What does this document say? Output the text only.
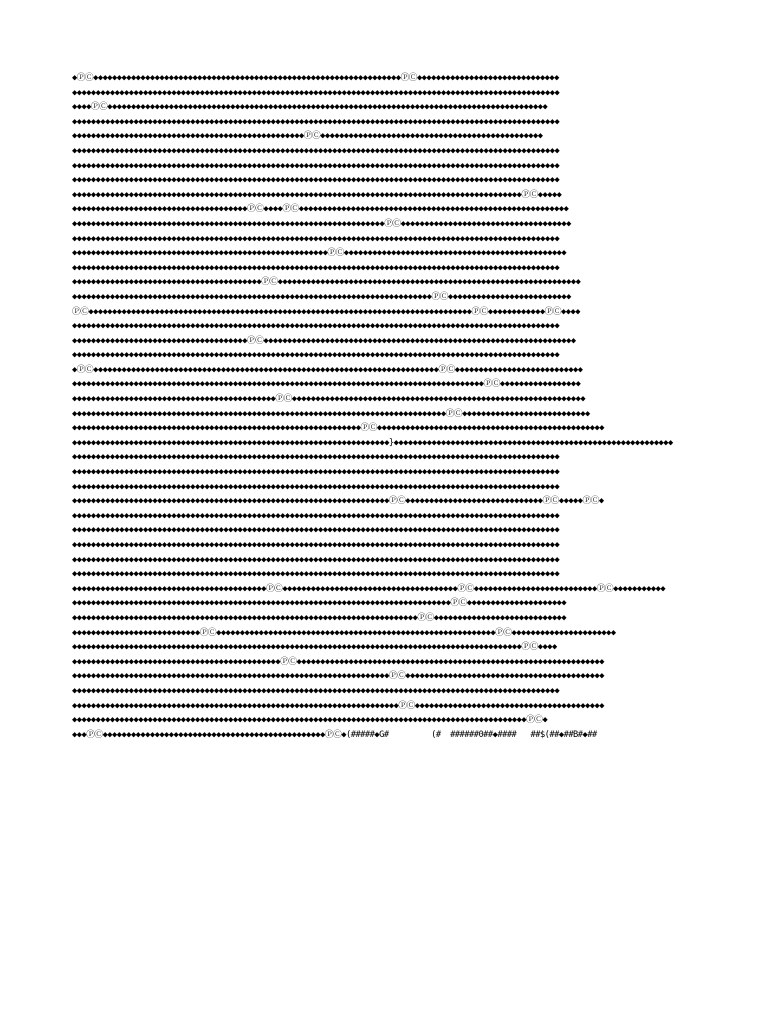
◆ⓅⒸ◆◆◆◆◆◆◆◆◆◆◆◆◆◆◆◆◆◆◆◆◆◆◆◆◆◆◆◆◆◆◆◆◆◆◆◆◆◆◆◆◆◆◆◆◆◆◆◆◆◆◆◆◆◆◆◆◆◆◆◆◆◆◆◆◆ⓅⒸ◆◆◆◆◆◆◆◆◆◆◆◆◆◆◆◆◆◆◆◆◆◆◆◆◆◆◆◆◆◆
◆◆◆◆◆◆◆◆◆◆◆◆◆◆◆◆◆◆◆◆◆◆◆◆◆◆◆◆◆◆◆◆◆◆◆◆◆◆◆◆◆◆◆◆◆◆◆◆◆◆◆◆◆◆◆◆◆◆◆◆◆◆◆◆◆◆◆◆◆◆◆◆◆◆◆◆◆◆◆◆◆◆◆◆◆◆◆◆◆◆◆◆◆◆◆◆◆◆◆◆◆◆◆
◆◆◆◆ⓅⒸ◆◆◆◆◆◆◆◆◆◆◆◆◆◆◆◆◆◆◆◆◆◆◆◆◆◆◆◆◆◆◆◆◆◆◆◆◆◆◆◆◆◆◆◆◆◆◆◆◆◆◆◆◆◆◆◆◆◆◆◆◆◆◆◆◆◆◆◆◆◆◆◆◆◆◆◆◆◆◆◆◆◆◆◆◆◆◆◆◆◆◆◆◆
◆◆◆◆◆◆◆◆◆◆◆◆◆◆◆◆◆◆◆◆◆◆◆◆◆◆◆◆◆◆◆◆◆◆◆◆◆◆◆◆◆◆◆◆◆◆◆◆◆◆◆◆◆◆◆◆◆◆◆◆◆◆◆◆◆◆◆◆◆◆◆◆◆◆◆◆◆◆◆◆◆◆◆◆◆◆◆◆◆◆◆◆◆◆◆◆◆◆◆◆◆◆◆
◆◆◆◆◆◆◆◆◆◆◆◆◆◆◆◆◆◆◆◆◆◆◆◆◆◆◆◆◆◆◆◆◆◆◆◆◆◆◆◆◆◆◆◆◆◆◆◆◆ⓅⒸ◆◆◆◆◆◆◆◆◆◆◆◆◆◆◆◆◆◆◆◆◆◆◆◆◆◆◆◆◆◆◆◆◆◆◆◆◆◆◆◆◆◆◆◆◆◆◆
◆◆◆◆◆◆◆◆◆◆◆◆◆◆◆◆◆◆◆◆◆◆◆◆◆◆◆◆◆◆◆◆◆◆◆◆◆◆◆◆◆◆◆◆◆◆◆◆◆◆◆◆◆◆◆◆◆◆◆◆◆◆◆◆◆◆◆◆◆◆◆◆◆◆◆◆◆◆◆◆◆◆◆◆◆◆◆◆◆◆◆◆◆◆◆◆◆◆◆◆◆◆◆
◆◆◆◆◆◆◆◆◆◆◆◆◆◆◆◆◆◆◆◆◆◆◆◆◆◆◆◆◆◆◆◆◆◆◆◆◆◆◆◆◆◆◆◆◆◆◆◆◆◆◆◆◆◆◆◆◆◆◆◆◆◆◆◆◆◆◆◆◆◆◆◆◆◆◆◆◆◆◆◆◆◆◆◆◆◆◆◆◆◆◆◆◆◆◆◆◆◆◆◆◆◆◆
◆◆◆◆◆◆◆◆◆◆◆◆◆◆◆◆◆◆◆◆◆◆◆◆◆◆◆◆◆◆◆◆◆◆◆◆◆◆◆◆◆◆◆◆◆◆◆◆◆◆◆◆◆◆◆◆◆◆◆◆◆◆◆◆◆◆◆◆◆◆◆◆◆◆◆◆◆◆◆◆◆◆◆◆◆◆◆◆◆◆◆◆◆◆◆◆◆◆◆◆◆◆◆
◆◆◆◆◆◆◆◆◆◆◆◆◆◆◆◆◆◆◆◆◆◆◆◆◆◆◆◆◆◆◆◆◆◆◆◆◆◆◆◆◆◆◆◆◆◆◆◆◆◆◆◆◆◆◆◆◆◆◆◆◆◆◆◆◆◆◆◆◆◆◆◆◆◆◆◆◆◆◆◆◆◆◆◆◆◆◆◆◆◆◆◆◆◆◆ⓅⒸ◆◆◆◆◆
◆◆◆◆◆◆◆◆◆◆◆◆◆◆◆◆◆◆◆◆◆◆◆◆◆◆◆◆◆◆◆◆◆◆◆◆◆ⓅⒸ◆◆◆◆ⓅⒸ◆◆◆◆◆◆◆◆◆◆◆◆◆◆◆◆◆◆◆◆◆◆◆◆◆◆◆◆◆◆◆◆◆◆◆◆◆◆◆◆◆◆◆◆◆◆◆◆◆◆◆◆◆◆◆◆◆
◆◆◆◆◆◆◆◆◆◆◆◆◆◆◆◆◆◆◆◆◆◆◆◆◆◆◆◆◆◆◆◆◆◆◆◆◆◆◆◆◆◆◆◆◆◆◆◆◆◆◆◆◆◆◆◆◆◆◆◆◆◆◆◆◆◆ⓅⒸ◆◆◆◆◆◆◆◆◆◆◆◆◆◆◆◆◆◆◆◆◆◆◆◆◆◆◆◆◆◆◆◆◆◆◆◆
◆◆◆◆◆◆◆◆◆◆◆◆◆◆◆◆◆◆◆◆◆◆◆◆◆◆◆◆◆◆◆◆◆◆◆◆◆◆◆◆◆◆◆◆◆◆◆◆◆◆◆◆◆◆◆◆◆◆◆◆◆◆◆◆◆◆◆◆◆◆◆◆◆◆◆◆◆◆◆◆◆◆◆◆◆◆◆◆◆◆◆◆◆◆◆◆◆◆◆◆◆◆◆
◆◆◆◆◆◆◆◆◆◆◆◆◆◆◆◆◆◆◆◆◆◆◆◆◆◆◆◆◆◆◆◆◆◆◆◆◆◆◆◆◆◆◆◆◆◆◆◆◆◆◆◆◆◆ⓅⒸ◆◆◆◆◆◆◆◆◆◆◆◆◆◆◆◆◆◆◆◆◆◆◆◆◆◆◆◆◆◆◆◆◆◆◆◆◆◆◆◆◆◆◆◆◆◆◆
◆◆◆◆◆◆◆◆◆◆◆◆◆◆◆◆◆◆◆◆◆◆◆◆◆◆◆◆◆◆◆◆◆◆◆◆◆◆◆◆◆◆◆◆◆◆◆◆◆◆◆◆◆◆◆◆◆◆◆◆◆◆◆◆◆◆◆◆◆◆◆◆◆◆◆◆◆◆◆◆◆◆◆◆◆◆◆◆◆◆◆◆◆◆◆◆◆◆◆◆◆◆◆
◆◆◆◆◆◆◆◆◆◆◆◆◆◆◆◆◆◆◆◆◆◆◆◆◆◆◆◆◆◆◆◆◆◆◆◆◆◆◆◆ⓅⒸ◆◆◆◆◆◆◆◆◆◆◆◆◆◆◆◆◆◆◆◆◆◆◆◆◆◆◆◆◆◆◆◆◆◆◆◆◆◆◆◆◆◆◆◆◆◆◆◆◆◆◆◆◆◆◆◆◆◆◆◆◆◆◆◆
◆◆◆◆◆◆◆◆◆◆◆◆◆◆◆◆◆◆◆◆◆◆◆◆◆◆◆◆◆◆◆◆◆◆◆◆◆◆◆◆◆◆◆◆◆◆◆◆◆◆◆◆◆◆◆◆◆◆◆◆◆◆◆◆◆◆◆◆◆◆◆◆◆◆◆◆ⓅⒸ◆◆◆◆◆◆◆◆◆◆◆◆◆◆◆◆◆◆◆◆◆◆◆◆◆◆
ⓅⒸ◆◆◆◆◆◆◆◆◆◆◆◆◆◆◆◆◆◆◆◆◆◆◆◆◆◆◆◆◆◆◆◆◆◆◆◆◆◆◆◆◆◆◆◆◆◆◆◆◆◆◆◆◆◆◆◆◆◆◆◆◆◆◆◆◆◆◆◆◆◆◆◆◆◆◆◆◆◆◆◆◆ⓅⒸ◆◆◆◆◆◆◆◆◆◆◆◆ⓅⒸ◆◆◆◆
◆◆◆◆◆◆◆◆◆◆◆◆◆◆◆◆◆◆◆◆◆◆◆◆◆◆◆◆◆◆◆◆◆◆◆◆◆◆◆◆◆◆◆◆◆◆◆◆◆◆◆◆◆◆◆◆◆◆◆◆◆◆◆◆◆◆◆◆◆◆◆◆◆◆◆◆◆◆◆◆◆◆◆◆◆◆◆◆◆◆◆◆◆◆◆◆◆◆◆◆◆◆◆
◆◆◆◆◆◆◆◆◆◆◆◆◆◆◆◆◆◆◆◆◆◆◆◆◆◆◆◆◆◆◆◆◆◆◆◆◆ⓅⒸ◆◆◆◆◆◆◆◆◆◆◆◆◆◆◆◆◆◆◆◆◆◆◆◆◆◆◆◆◆◆◆◆◆◆◆◆◆◆◆◆◆◆◆◆◆◆◆◆◆◆◆◆◆◆◆◆◆◆◆◆◆◆◆◆◆◆
◆◆◆◆◆◆◆◆◆◆◆◆◆◆◆◆◆◆◆◆◆◆◆◆◆◆◆◆◆◆◆◆◆◆◆◆◆◆◆◆◆◆◆◆◆◆◆◆◆◆◆◆◆◆◆◆◆◆◆◆◆◆◆◆◆◆◆◆◆◆◆◆◆◆◆◆◆◆◆◆◆◆◆◆◆◆◆◆◆◆◆◆◆◆◆◆◆◆◆◆◆◆◆
◆ⓅⒸ◆◆◆◆◆◆◆◆◆◆◆◆◆◆◆◆◆◆◆◆◆◆◆◆◆◆◆◆◆◆◆◆◆◆◆◆◆◆◆◆◆◆◆◆◆◆◆◆◆◆◆◆◆◆◆◆◆◆◆◆◆◆◆◆◆◆◆◆◆◆◆◆◆ⓅⒸ◆◆◆◆◆◆◆◆◆◆◆◆◆◆◆◆◆◆◆◆◆◆◆◆◆◆◆
◆◆◆◆◆◆◆◆◆◆◆◆◆◆◆◆◆◆◆◆◆◆◆◆◆◆◆◆◆◆◆◆◆◆◆◆◆◆◆◆◆◆◆◆◆◆◆◆◆◆◆◆◆◆◆◆◆◆◆◆◆◆◆◆◆◆◆◆◆◆◆◆◆◆◆◆◆◆◆◆◆◆◆◆◆◆◆ⓅⒸ◆◆◆◆◆◆◆◆◆◆◆◆◆◆◆◆◆
◆◆◆◆◆◆◆◆◆◆◆◆◆◆◆◆◆◆◆◆◆◆◆◆◆◆◆◆◆◆◆◆◆◆◆◆◆◆◆◆◆◆◆ⓅⒸ◆◆◆◆◆◆◆◆◆◆◆◆◆◆◆◆◆◆◆◆◆◆◆◆◆◆◆◆◆◆◆◆◆◆◆◆◆◆◆◆◆◆◆◆◆◆◆◆◆◆◆◆◆◆◆◆◆◆◆◆◆◆
◆◆◆◆◆◆◆◆◆◆◆◆◆◆◆◆◆◆◆◆◆◆◆◆◆◆◆◆◆◆◆◆◆◆◆◆◆◆◆◆◆◆◆◆◆◆◆◆◆◆◆◆◆◆◆◆◆◆◆◆◆◆◆◆◆◆◆◆◆◆◆◆◆◆◆◆◆◆◆ⓅⒸ◆◆◆◆◆◆◆◆◆◆◆◆◆◆◆◆◆◆◆◆◆◆◆◆◆◆◆
◆◆◆◆◆◆◆◆◆◆◆◆◆◆◆◆◆◆◆◆◆◆◆◆◆◆◆◆◆◆◆◆◆◆◆◆◆◆◆◆◆◆◆◆◆◆◆◆◆◆◆◆◆◆◆◆◆◆◆◆◆ⓅⒸ◆◆◆◆◆◆◆◆◆◆◆◆◆◆◆◆◆◆◆◆◆◆◆◆◆◆◆◆◆◆◆◆◆◆◆◆◆◆◆◆◆◆◆◆◆◆◆◆
◆◆◆◆◆◆◆◆◆◆◆◆◆◆◆◆◆◆◆◆◆◆◆◆◆◆◆◆◆◆◆◆◆◆◆◆◆◆◆◆◆◆◆◆◆◆◆◆◆◆◆◆◆◆◆◆◆◆◆◆◆◆◆◆◆◆◆}◆◆◆◆◆◆◆◆◆◆◆◆◆◆◆◆◆◆◆◆◆◆◆◆◆◆◆◆◆◆◆◆◆◆◆◆◆◆◆◆◆◆◆◆◆◆◆◆◆◆◆◆◆◆◆◆◆◆◆
◆◆◆◆◆◆◆◆◆◆◆◆◆◆◆◆◆◆◆◆◆◆◆◆◆◆◆◆◆◆◆◆◆◆◆◆◆◆◆◆◆◆◆◆◆◆◆◆◆◆◆◆◆◆◆◆◆◆◆◆◆◆◆◆◆◆◆◆◆◆◆◆◆◆◆◆◆◆◆◆◆◆◆◆◆◆◆◆◆◆◆◆◆◆◆◆◆◆◆◆◆◆◆
◆◆◆◆◆◆◆◆◆◆◆◆◆◆◆◆◆◆◆◆◆◆◆◆◆◆◆◆◆◆◆◆◆◆◆◆◆◆◆◆◆◆◆◆◆◆◆◆◆◆◆◆◆◆◆◆◆◆◆◆◆◆◆◆◆◆◆◆◆◆◆◆◆◆◆◆◆◆◆◆◆◆◆◆◆◆◆◆◆◆◆◆◆◆◆◆◆◆◆◆◆◆◆
◆◆◆◆◆◆◆◆◆◆◆◆◆◆◆◆◆◆◆◆◆◆◆◆◆◆◆◆◆◆◆◆◆◆◆◆◆◆◆◆◆◆◆◆◆◆◆◆◆◆◆◆◆◆◆◆◆◆◆◆◆◆◆◆◆◆◆◆◆◆◆◆◆◆◆◆◆◆◆◆◆◆◆◆◆◆◆◆◆◆◆◆◆◆◆◆◆◆◆◆◆◆◆
◆◆◆◆◆◆◆◆◆◆◆◆◆◆◆◆◆◆◆◆◆◆◆◆◆◆◆◆◆◆◆◆◆◆◆◆◆◆◆◆◆◆◆◆◆◆◆◆◆◆◆◆◆◆◆◆◆◆◆◆◆◆◆◆◆◆◆ⓅⒸ◆◆◆◆◆◆◆◆◆◆◆◆◆◆◆◆◆◆◆◆◆◆◆◆◆◆◆◆◆ⓅⒸ◆◆◆◆◆ⓅⒸ◆
◆◆◆◆◆◆◆◆◆◆◆◆◆◆◆◆◆◆◆◆◆◆◆◆◆◆◆◆◆◆◆◆◆◆◆◆◆◆◆◆◆◆◆◆◆◆◆◆◆◆◆◆◆◆◆◆◆◆◆◆◆◆◆◆◆◆◆◆◆◆◆◆◆◆◆◆◆◆◆◆◆◆◆◆◆◆◆◆◆◆◆◆◆◆◆◆◆◆◆◆◆◆◆
◆◆◆◆◆◆◆◆◆◆◆◆◆◆◆◆◆◆◆◆◆◆◆◆◆◆◆◆◆◆◆◆◆◆◆◆◆◆◆◆◆◆◆◆◆◆◆◆◆◆◆◆◆◆◆◆◆◆◆◆◆◆◆◆◆◆◆◆◆◆◆◆◆◆◆◆◆◆◆◆◆◆◆◆◆◆◆◆◆◆◆◆◆◆◆◆◆◆◆◆◆◆◆
◆◆◆◆◆◆◆◆◆◆◆◆◆◆◆◆◆◆◆◆◆◆◆◆◆◆◆◆◆◆◆◆◆◆◆◆◆◆◆◆◆◆◆◆◆◆◆◆◆◆◆◆◆◆◆◆◆◆◆◆◆◆◆◆◆◆◆◆◆◆◆◆◆◆◆◆◆◆◆◆◆◆◆◆◆◆◆◆◆◆◆◆◆◆◆◆◆◆◆◆◆◆◆
◆◆◆◆◆◆◆◆◆◆◆◆◆◆◆◆◆◆◆◆◆◆◆◆◆◆◆◆◆◆◆◆◆◆◆◆◆◆◆◆◆◆◆◆◆◆◆◆◆◆◆◆◆◆◆◆◆◆◆◆◆◆◆◆◆◆◆◆◆◆◆◆◆◆◆◆◆◆◆◆◆◆◆◆◆◆◆◆◆◆◆◆◆◆◆◆◆◆◆◆◆◆◆
◆◆◆◆◆◆◆◆◆◆◆◆◆◆◆◆◆◆◆◆◆◆◆◆◆◆◆◆◆◆◆◆◆◆◆◆◆◆◆◆◆◆◆◆◆◆◆◆◆◆◆◆◆◆◆◆◆◆◆◆◆◆◆◆◆◆◆◆◆◆◆◆◆◆◆◆◆◆◆◆◆◆◆◆◆◆◆◆◆◆◆◆◆◆◆◆◆◆◆◆◆◆◆
◆◆◆◆◆◆◆◆◆◆◆◆◆◆◆◆◆◆◆◆◆◆◆◆◆◆◆◆◆◆◆◆◆◆◆◆◆◆◆◆◆ⓅⒸ◆◆◆◆◆◆◆◆◆◆◆◆◆◆◆◆◆◆◆◆◆◆◆◆◆◆◆◆◆◆◆◆◆◆◆◆◆ⓅⒸ◆◆◆◆◆◆◆◆◆◆◆◆◆◆◆◆◆◆◆◆◆◆◆◆◆◆ⓅⒸ◆◆◆◆◆◆◆◆◆◆◆
◆◆◆◆◆◆◆◆◆◆◆◆◆◆◆◆◆◆◆◆◆◆◆◆◆◆◆◆◆◆◆◆◆◆◆◆◆◆◆◆◆◆◆◆◆◆◆◆◆◆◆◆◆◆◆◆◆◆◆◆◆◆◆◆◆◆◆◆◆◆◆◆◆◆◆◆◆◆◆◆ⓅⒸ◆◆◆◆◆◆◆◆◆◆◆◆◆◆◆◆◆◆◆◆◆
◆◆◆◆◆◆◆◆◆◆◆◆◆◆◆◆◆◆◆◆◆◆◆◆◆◆◆◆◆◆◆◆◆◆◆◆◆◆◆◆◆◆◆◆◆◆◆◆◆◆◆◆◆◆◆◆◆◆◆◆◆◆◆◆◆◆◆◆◆◆◆◆◆ⓅⒸ◆◆◆◆◆◆◆◆◆◆◆◆◆◆◆◆◆◆◆◆◆◆◆◆◆◆◆◆
◆◆◆◆◆◆◆◆◆◆◆◆◆◆◆◆◆◆◆◆◆◆◆◆◆◆◆ⓅⒸ◆◆◆◆◆◆◆◆◆◆◆◆◆◆◆◆◆◆◆◆◆◆◆◆◆◆◆◆◆◆◆◆◆◆◆◆◆◆◆◆◆◆◆◆◆◆◆◆◆◆◆◆◆◆◆◆◆◆◆ⓅⒸ◆◆◆◆◆◆◆◆◆◆◆◆◆◆◆◆◆◆◆◆◆◆
◆◆◆◆◆◆◆◆◆◆◆◆◆◆◆◆◆◆◆◆◆◆◆◆◆◆◆◆◆◆◆◆◆◆◆◆◆◆◆◆◆◆◆◆◆◆◆◆◆◆◆◆◆◆◆◆◆◆◆◆◆◆◆◆◆◆◆◆◆◆◆◆◆◆◆◆◆◆◆◆◆◆◆◆◆◆◆◆◆◆◆◆◆◆◆ⓅⒸ◆◆◆◆
◆◆◆◆◆◆◆◆◆◆◆◆◆◆◆◆◆◆◆◆◆◆◆◆◆◆◆◆◆◆◆◆◆◆◆◆◆◆◆◆◆◆◆◆ⓅⒸ◆◆◆◆◆◆◆◆◆◆◆◆◆◆◆◆◆◆◆◆◆◆◆◆◆◆◆◆◆◆◆◆◆◆◆◆◆◆◆◆◆◆◆◆◆◆◆◆◆◆◆◆◆◆◆◆◆◆◆◆◆◆◆◆◆
◆◆◆◆◆◆◆◆◆◆◆◆◆◆◆◆◆◆◆◆◆◆◆◆◆◆◆◆◆◆◆◆◆◆◆◆◆◆◆◆◆◆◆◆◆◆◆◆◆◆◆◆◆◆◆◆◆◆◆◆◆◆◆◆◆◆◆ⓅⒸ◆◆◆◆◆◆◆◆◆◆◆◆◆◆◆◆◆◆◆◆◆◆◆◆◆◆◆◆◆◆◆◆◆◆◆◆◆◆◆◆◆◆
◆◆◆◆◆◆◆◆◆◆◆◆◆◆◆◆◆◆◆◆◆◆◆◆◆◆◆◆◆◆◆◆◆◆◆◆◆◆◆◆◆◆◆◆◆◆◆◆◆◆◆◆◆◆◆◆◆◆◆◆◆◆◆◆◆◆◆◆◆◆◆◆◆◆◆◆◆◆◆◆◆◆◆◆◆◆◆◆◆◆◆◆◆◆◆◆◆◆◆◆◆◆◆
◆◆◆◆◆◆◆◆◆◆◆◆◆◆◆◆◆◆◆◆◆◆◆◆◆◆◆◆◆◆◆◆◆◆◆◆◆◆◆◆◆◆◆◆◆◆◆◆◆◆◆◆◆◆◆◆◆◆◆◆◆◆◆◆◆◆◆◆◆ⓅⒸ◆◆◆◆◆◆◆◆◆◆◆◆◆◆◆◆◆◆◆◆◆◆◆◆◆◆◆◆◆◆◆◆◆◆◆◆◆◆◆◆
◆◆◆◆◆◆◆◆◆◆◆◆◆◆◆◆◆◆◆◆◆◆◆◆◆◆◆◆◆◆◆◆◆◆◆◆◆◆◆◆◆◆◆◆◆◆◆◆◆◆◆◆◆◆◆◆◆◆◆◆◆◆◆◆◆◆◆◆◆◆◆◆◆◆◆◆◆◆◆◆◆◆◆◆◆◆◆◆◆◆◆◆◆◆◆◆ⓅⒸ◆
◆◆◆ⓅⒸ◆◆◆◆◆◆◆◆◆◆◆◆◆◆◆◆◆◆◆◆◆◆◆◆◆◆◆◆◆◆◆◆◆◆◆◆◆◆◆◆◆◆◆◆◆◆◆ⓅⒸ◆(#####◆G#         (#  ######0##◆####   ##$(##◆##B#◆##
